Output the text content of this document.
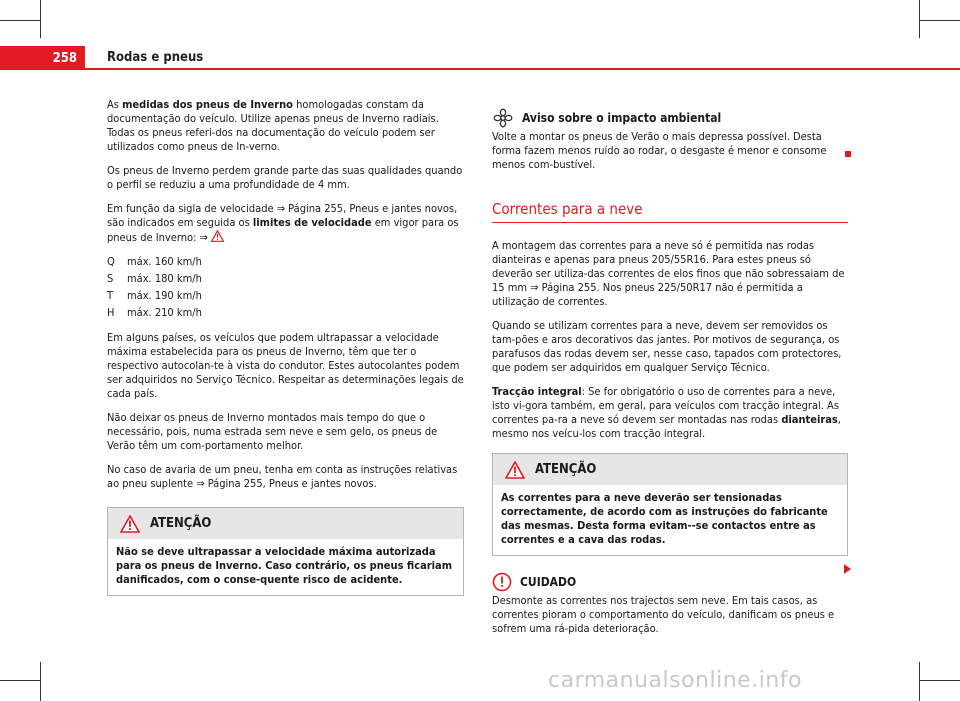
258	Rodas e pneus

As medidas dos pneus de Inverno homologadas constam da documentação do veículo. Utilize apenas pneus de Inverno radiais. Todas os pneus referi-dos na documentação do veículo podem ser utilizados como pneus de In-verno.

Os pneus de Inverno perdem grande parte das suas qualidades quando o perfil se reduziu a uma profundidade de 4 mm.

Em função da sigla de velocidade ⇒ Página 255, Pneus e jantes novos, são indicados em seguida os limites de velocidade em vigor para os pneus de Inverno: ⇒

Q	máx. 160 km/h
S	máx. 180 km/h
T	máx. 190 km/h
H	máx. 210 km/h

Em alguns países, os veículos que podem ultrapassar a velocidade máxima estabelecida para os pneus de Inverno, têm que ter o respectivo autocolan-te à vista do condutor. Estes autocolantes podem ser adquiridos no Serviço Técnico. Respeitar as determinações legais de cada país.

Não deixar os pneus de Inverno montados mais tempo do que o necessário, pois, numa estrada sem neve e sem gelo, os pneus de Verão têm um com-portamento melhor.

No caso de avaria de um pneu, tenha em conta as instruções relativas ao pneu suplente ⇒ Página 255, Pneus e jantes novos.

ATENÇÃO
Não se deve ultrapassar a velocidade máxima autorizada para os pneus de Inverno. Caso contrário, os pneus ficariam danificados, com o conse-quente risco de acidente.
Aviso sobre o impacto ambiental

Volte a montar os pneus de Verão o mais depressa possível. Desta forma fazem menos ruído ao rodar, o desgaste é menor e consome menos com-bustível.

Correntes para a neve

A montagem das correntes para a neve só é permitida nas rodas dianteiras e apenas para pneus 205/55R16. Para estes pneus só deverão ser utiliza-das correntes de elos finos que não sobressaiam de 15 mm ⇒ Página 255. Nos pneus 225/50R17 não é permitida a utilização de correntes.

Quando se utilizam correntes para a neve, devem ser removidos os tam-pões e aros decorativos das jantes. Por motivos de segurança, os parafusos das rodas devem ser, nesse caso, tapados com protectores, que podem ser adquiridos em qualquer Serviço Técnico.

Tracção integral: Se for obrigatório o uso de correntes para a neve, isto vi-gora também, em geral, para veículos com tracção integral. As correntes pa-ra a neve só devem ser montadas nas rodas dianteiras, mesmo nos veícu-los com tracção integral.

ATENÇÃO
As correntes para a neve deverão ser tensionadas correctamente, de acordo com as instruções do fabricante das mesmas. Desta forma evitam--se contactos entre as correntes e a cava das rodas.
CUIDADO

Desmonte as correntes nos trajectos sem neve. Em tais casos, as correntes pioram o comportamento do veículo, danificam os pneus e sofrem uma rá-pida deterioração.

carmanualsonline.info
